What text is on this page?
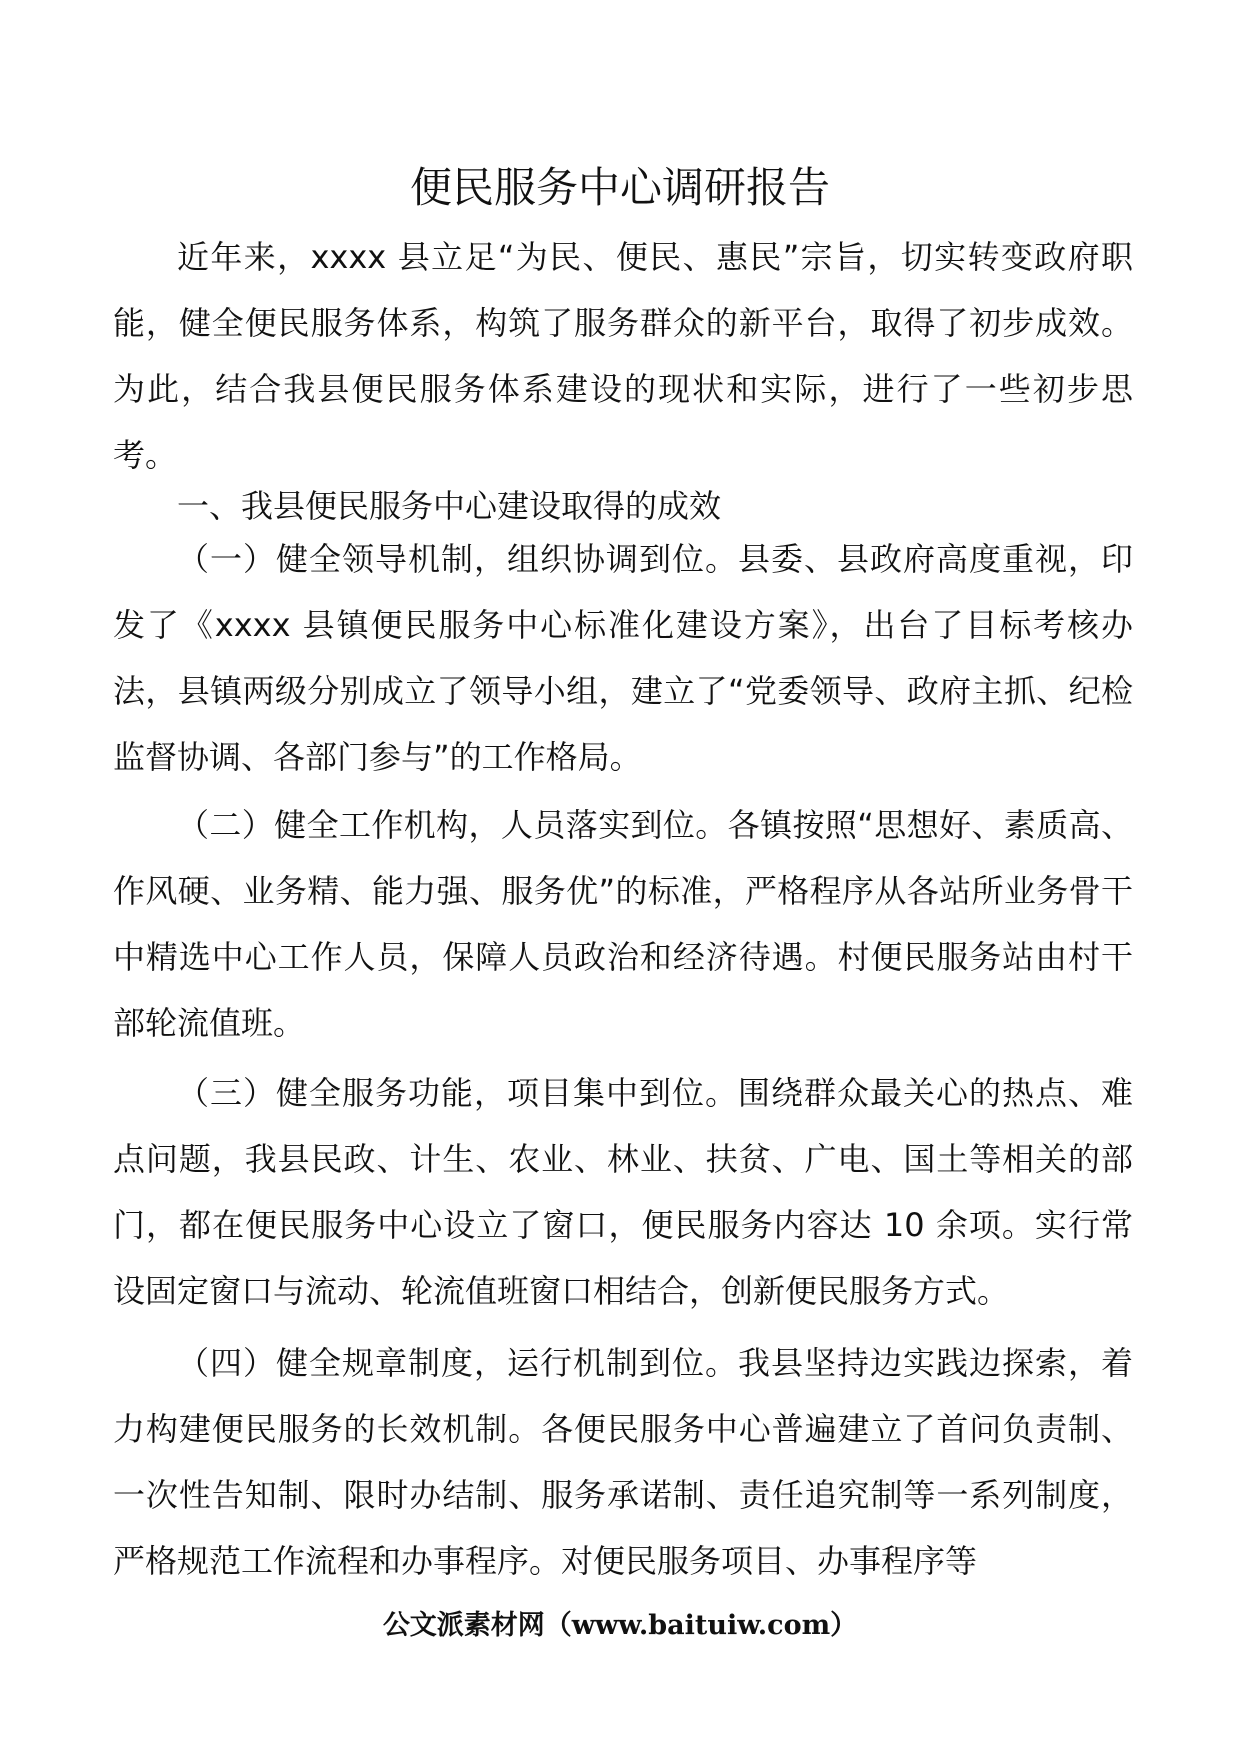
便民服务中心调研报告

近年来，xxxx 县立足“为民、便民、惠民”宗旨，切实转变政府职能，健全便民服务体系，构筑了服务群众的新平台，取得了初步成效。为此，结合我县便民服务体系建设的现状和实际，进行了一些初步思考。

一、我县便民服务中心建设取得的成效

（一）健全领导机制，组织协调到位。县委、县政府高度重视，印发了《xxxx 县镇便民服务中心标准化建设方案》，出台了目标考核办法，县镇两级分别成立了领导小组，建立了“党委领导、政府主抓、纪检监督协调、各部门参与”的工作格局。

（二）健全工作机构，人员落实到位。各镇按照“思想好、素质高、作风硬、业务精、能力强、服务优”的标准，严格程序从各站所业务骨干中精选中心工作人员，保障人员政治和经济待遇。村便民服务站由村干部轮流值班。

（三）健全服务功能，项目集中到位。围绕群众最关心的热点、难点问题，我县民政、计生、农业、林业、扶贫、广电、国土等相关的部门，都在便民服务中心设立了窗口，便民服务内容达 10 余项。实行常设固定窗口与流动、轮流值班窗口相结合，创新便民服务方式。

（四）健全规章制度，运行机制到位。我县坚持边实践边探索，着力构建便民服务的长效机制。各便民服务中心普遍建立了首问负责制、一次性告知制、限时办结制、服务承诺制、责任追究制等一系列制度，严格规范工作流程和办事程序。对便民服务项目、办事程序等

公文派素材网（www.baituiw.com）
